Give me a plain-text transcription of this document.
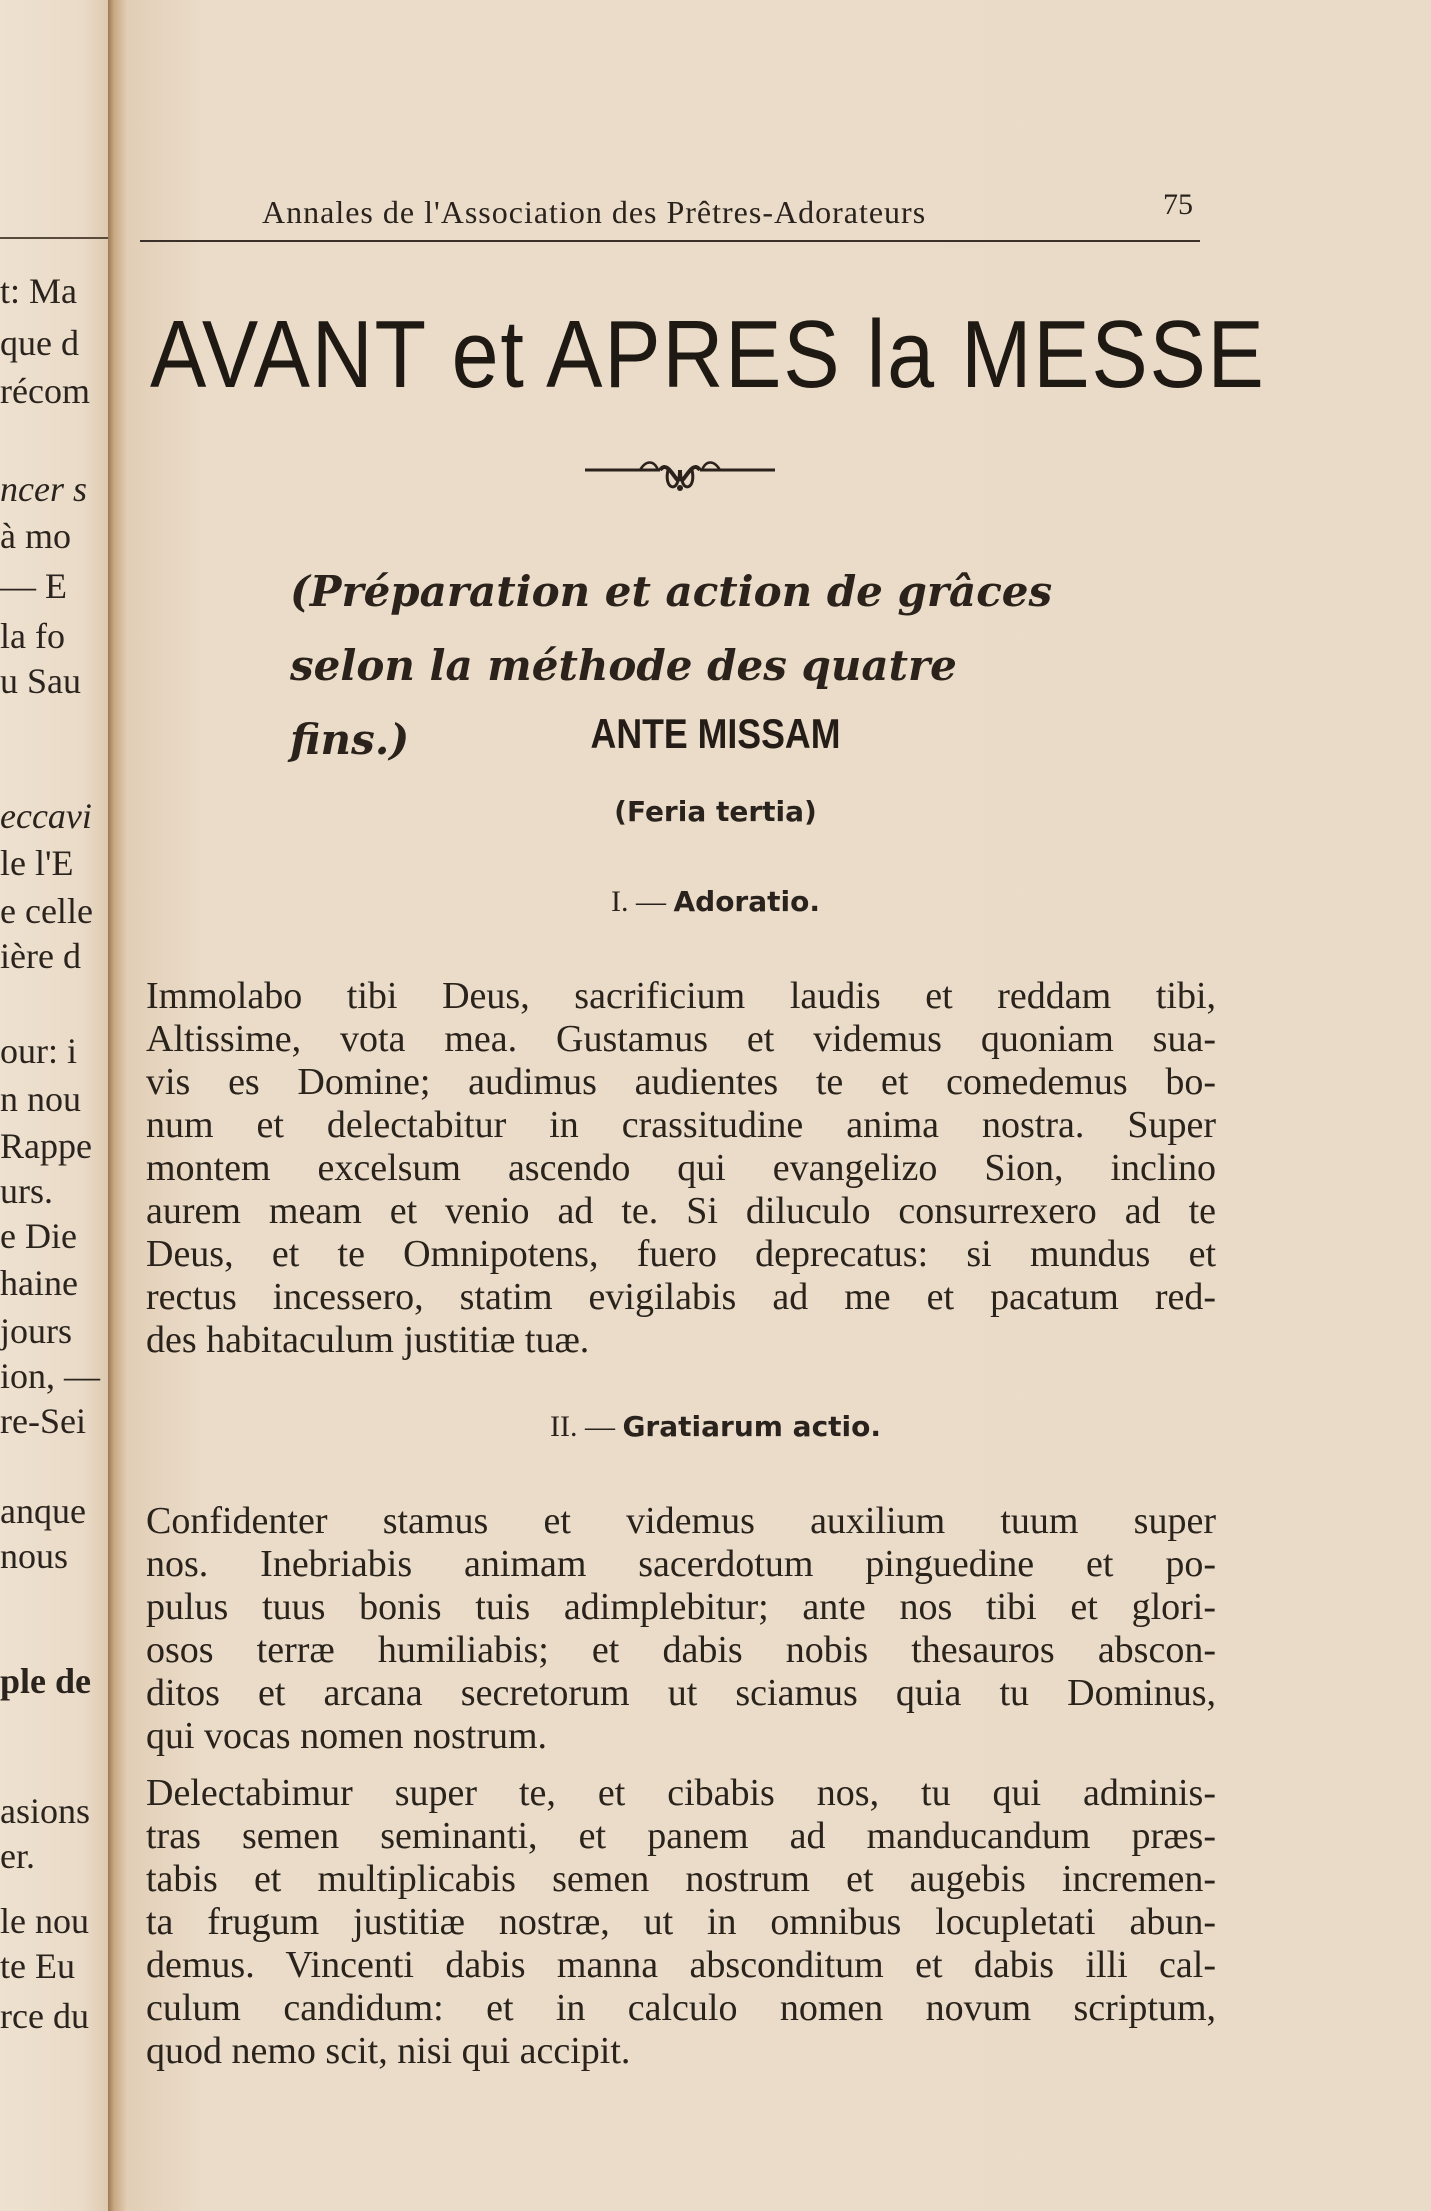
t: Ma
que d
récom
ncer s
à mo
— E
la fo
u Sau
eccavi
le l'E
e celle
ière d
our: i
n nou
Rappe
urs.
e Die
haine
jours
ion, —
re-Sei
anque
nous
ple de
asions
er.
le nou
te Eu
rce du
Annales de l'Association des Prêtres-Adorateurs	75
AVANT et APRES la MESSE
(Préparation et action de grâces
selon la méthode des quatre fins.)	ANTE MISSAM
(Feria tertia)
I. — Adoratio.
Immolabo tibi Deus, sacrificium laudis et reddam tibi,
Altissime, vota mea. Gustamus et videmus quoniam sua-
vis es Domine; audimus audientes te et comedemus bo-
num et delectabitur in crassitudine anima nostra. Super
montem excelsum ascendo qui evangelizo Sion, inclino
aurem meam et venio ad te. Si diluculo consurrexero ad te
Deus, et te Omnipotens, fuero deprecatus: si mundus et
rectus incessero, statim evigilabis ad me et pacatum red-
des habitaculum justitiæ tuæ.
II. — Gratiarum actio.
Confidenter stamus et videmus auxilium tuum super
nos. Inebriabis animam sacerdotum pinguedine et po-
pulus tuus bonis tuis adimplebitur; ante nos tibi et glori-
osos terræ humiliabis; et dabis nobis thesauros abscon-
ditos et arcana secretorum ut sciamus quia tu Dominus,
qui vocas nomen nostrum.
Delectabimur super te, et cibabis nos, tu qui adminis-
tras semen seminanti, et panem ad manducandum præs-
tabis et multiplicabis semen nostrum et augebis incremen-
ta frugum justitiæ nostræ, ut in omnibus locupletati abun-
demus. Vincenti dabis manna absconditum et dabis illi cal-
culum candidum: et in calculo nomen novum scriptum,
quod nemo scit, nisi qui accipit.
